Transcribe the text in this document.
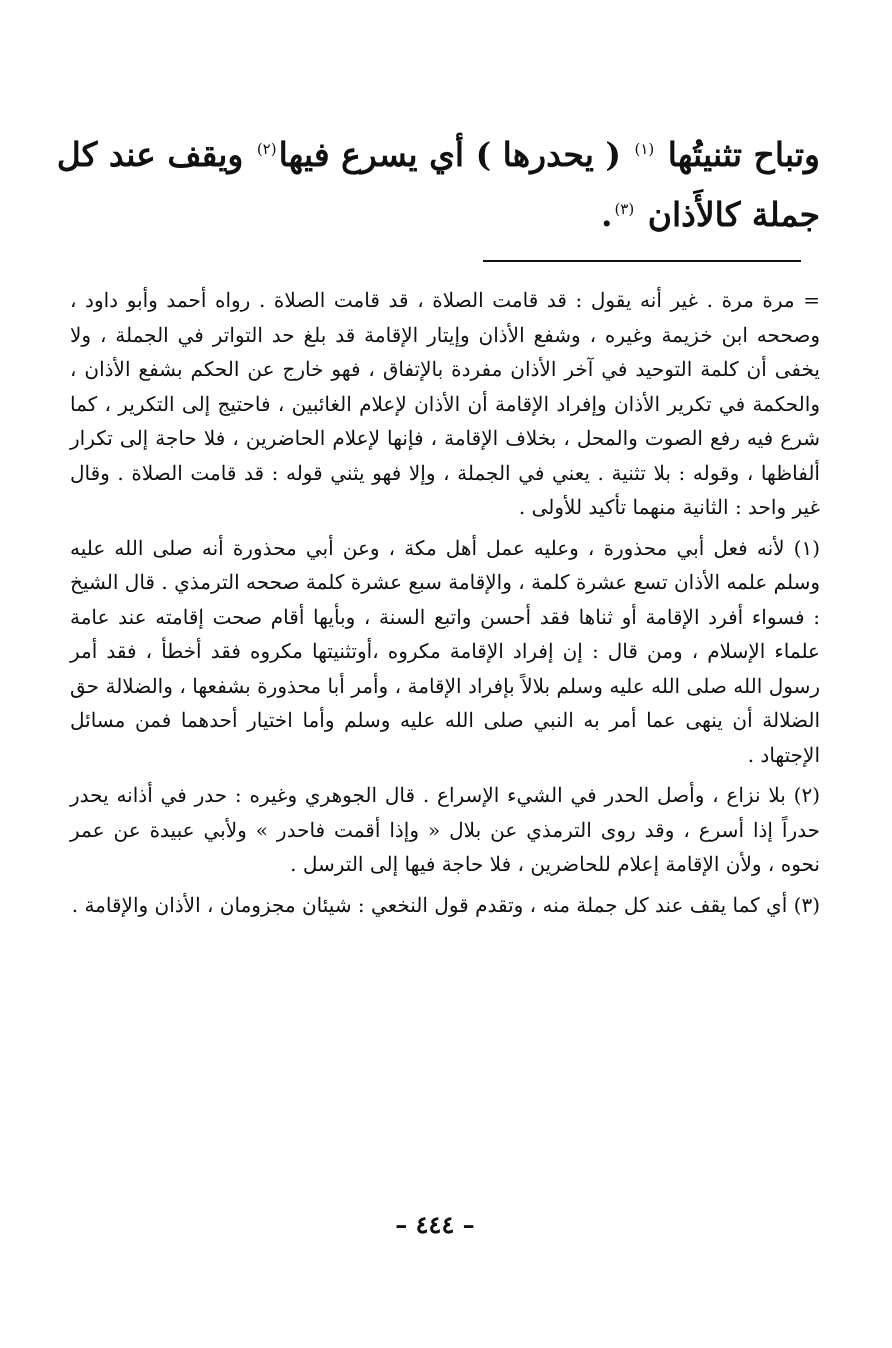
وتباح تثنيتُها $^{(١)}$ ( يحدرها ) أي يسرع فيها$^{(٢)}$ ويقف عند كل
جملة كالأَذان $^{(٣)}$.

= مرة مرة . غير أنه يقول : قد قامت الصلاة ، قد قامت الصلاة . رواه أحمد وأبو داود ، وصححه ابن خزيمة وغيره ، وشفع الأذان وإيتار الإقامة قد بلغ حد التواتر في الجملة ، ولا يخفى أن كلمة التوحيد في آخر الأذان مفردة بالإتفاق ، فهو خارج عن الحكم بشفع الأذان ، والحكمة في تكرير الأذان وإفراد الإقامة أن الأذان لإعلام الغائبين ، فاحتيج إلى التكرير ، كما شرع فيه رفع الصوت والمحل ، بخلاف الإقامة ، فإنها لإعلام الحاضرين ، فلا حاجة إلى تكرار ألفاظها ، وقوله : بلا تثنية . يعني في الجملة ، وإلا فهو يثني قوله : قد قامت الصلاة . وقال غير واحد : الثانية منهما تأكيد للأولى .

(١) لأنه فعل أبي محذورة ، وعليه عمل أهل مكة ، وعن أبي محذورة أنه صلى الله عليه وسلم علمه الأذان تسع عشرة كلمة ، والإقامة سبع عشرة كلمة صححه الترمذي . قال الشيخ : فسواء أفرد الإقامة أو ثناها فقد أحسن واتبع السنة ، وبأيها أقام صحت إقامته عند عامة علماء الإسلام ، ومن قال : إن إفراد الإقامة مكروه ،أوتثنيتها مكروه فقد أخطأ ، فقد أمر رسول الله صلى الله عليه وسلم بلالاً بإفراد الإقامة ، وأمر أبا محذورة بشفعها ، والضلالة حق الضلالة أن ينهى عما أمر به النبي صلى الله عليه وسلم وأما اختيار أحدهما فمن مسائل الإجتهاد .

(٢) بلا نزاع ، وأصل الحدر في الشيء الإسراع . قال الجوهري وغيره : حدر في أذانه يحدر حدراً إذا أسرع ، وقد روى الترمذي عن بلال « وإذا أقمت فاحدر » ولأبي عبيدة عن عمر نحوه ، ولأن الإقامة إعلام للحاضرين ، فلا حاجة فيها إلى الترسل .

(٣) أي كما يقف عند كل جملة منه ، وتقدم قول النخعي : شيئان مجزومان ، الأذان والإقامة .

– ٤٤٤ –
